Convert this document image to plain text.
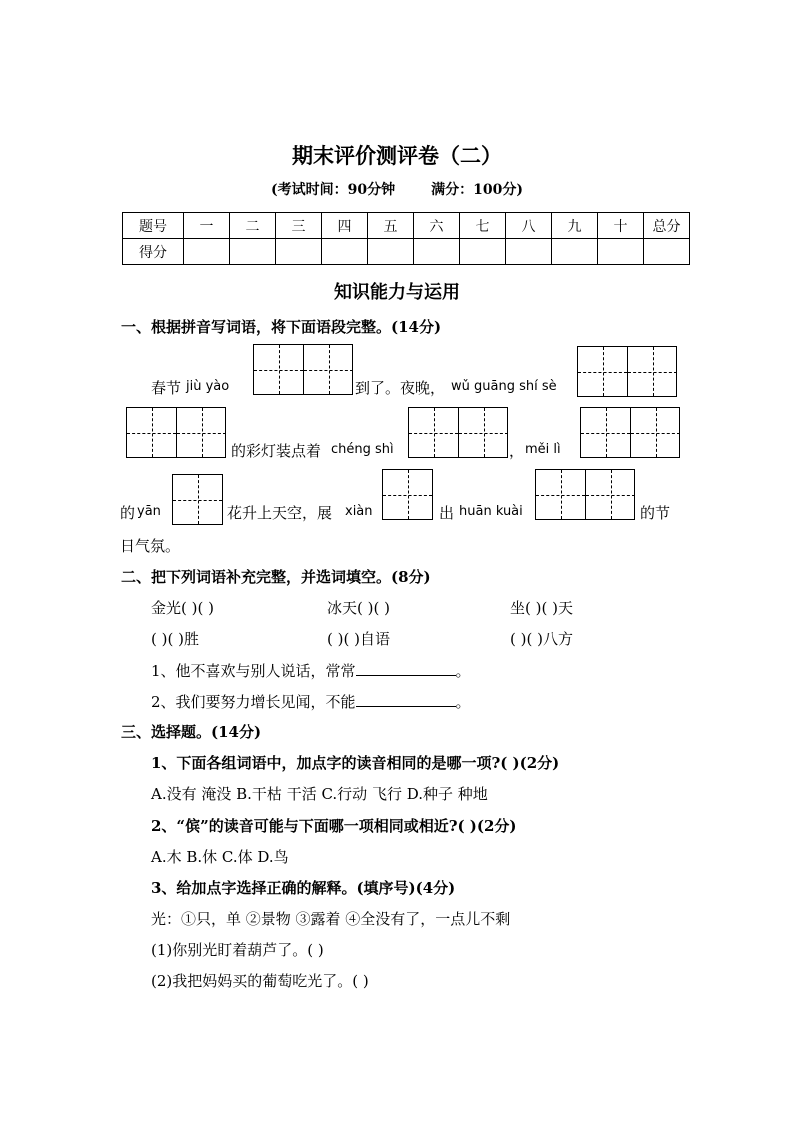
期末评价测评卷（二）
(考试时间：90分钟	满分：100分)
题号	一	二	三	四	五	六	七	八	九	十	总分
得分											
知识能力与运用
一、根据拼音写词语，将下面语段完整。(14分)
春节 jiù yào	到了。夜晚， wǔ guāng shí sè
的彩灯装点着 chéng shì	， měi lì
的 yān	花升上天空，展 xiàn	出 huān kuài	的节
日气氛。
二、把下列词语补充完整，并选词填空。(8分)
金光( )( )	冰天( )( )	坐( )( )天
( )( )胜	( )( )自语	( )( )八方
1、他不喜欢与别人说话，常常	。
2、我们要努力增长见闻，不能	。
三、选择题。(14分)
1、下面各组词语中，加点字的读音相同的是哪一项?( )(2分)
A.没有 淹没 B.干枯 干活 C.行动 飞行 D.种子 种地
2、“傧”的读音可能与下面哪一项相同或相近?( )(2分)
A.木 B.休 C.体 D.鸟
3、给加点字选择正确的解释。(填序号)(4分)
光：①只，单 ②景物 ③露着 ④全没有了，一点儿不剩
(1)你别光盯着葫芦了。( )
(2)我把妈妈买的葡萄吃光了。( )
